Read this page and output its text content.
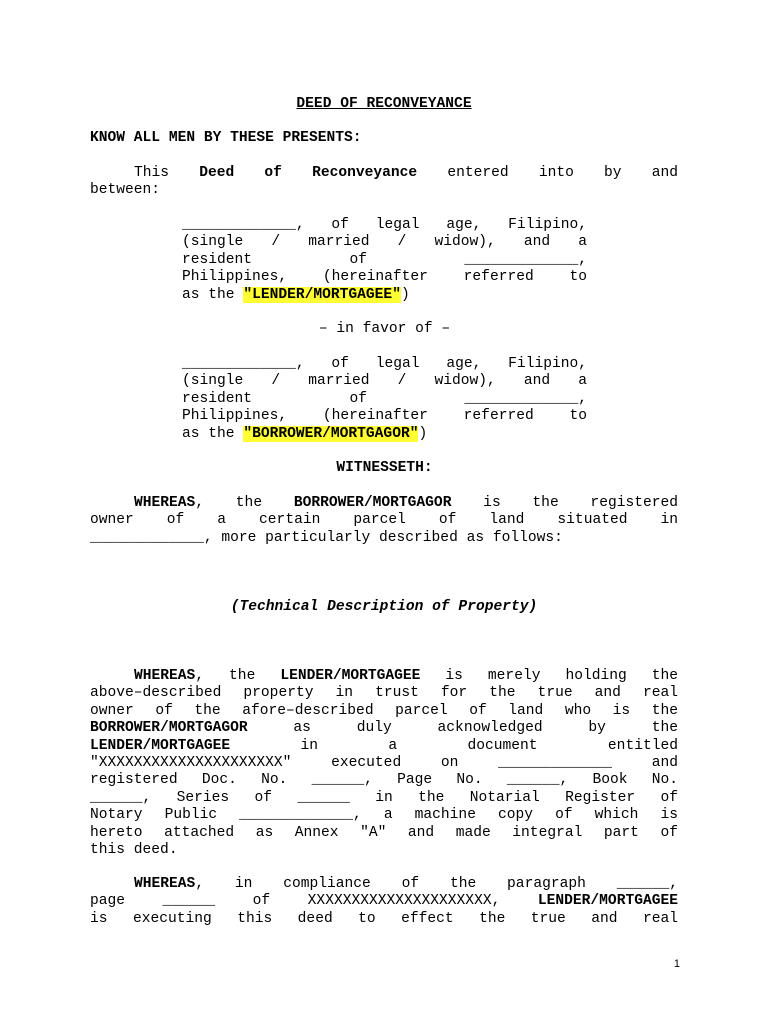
DEED OF RECONVEYANCE
KNOW ALL MEN BY THESE PRESENTS:
This Deed of Reconveyance entered into by and
between:
_____________, of legal age, Filipino,
(single / married / widow), and a
resident	of	_____________,
Philippines, (hereinafter referred to
as the "LENDER/MORTGAGEE")
– in favor of –
_____________, of legal age, Filipino,
(single / married / widow), and a
resident	of	_____________,
Philippines, (hereinafter referred to
as the "BORROWER/MORTGAGOR")
WITNESSETH:
WHEREAS, the BORROWER/MORTGAGOR is the registered
owner of a certain parcel of land situated in
_____________, more particularly described as follows:
(Technical Description of Property)
WHEREAS, the LENDER/MORTGAGEE is merely holding the
above–described property in trust for the true and real
owner of the afore–described parcel of land who is the
BORROWER/MORTGAGOR as duly acknowledged by the
LENDER/MORTGAGEE in a document entitled
"XXXXXXXXXXXXXXXXXXXXX" executed on _____________ and
registered Doc. No. ______, Page No. ______, Book No.
______, Series of ______ in the Notarial Register of
Notary Public _____________, a machine copy of which is
hereto attached as Annex "A" and made integral part of
this deed.
WHEREAS, in compliance of the paragraph ______,
page ______ of XXXXXXXXXXXXXXXXXXXXX, LENDER/MORTGAGEE
is executing this deed to effect the true and real
1
